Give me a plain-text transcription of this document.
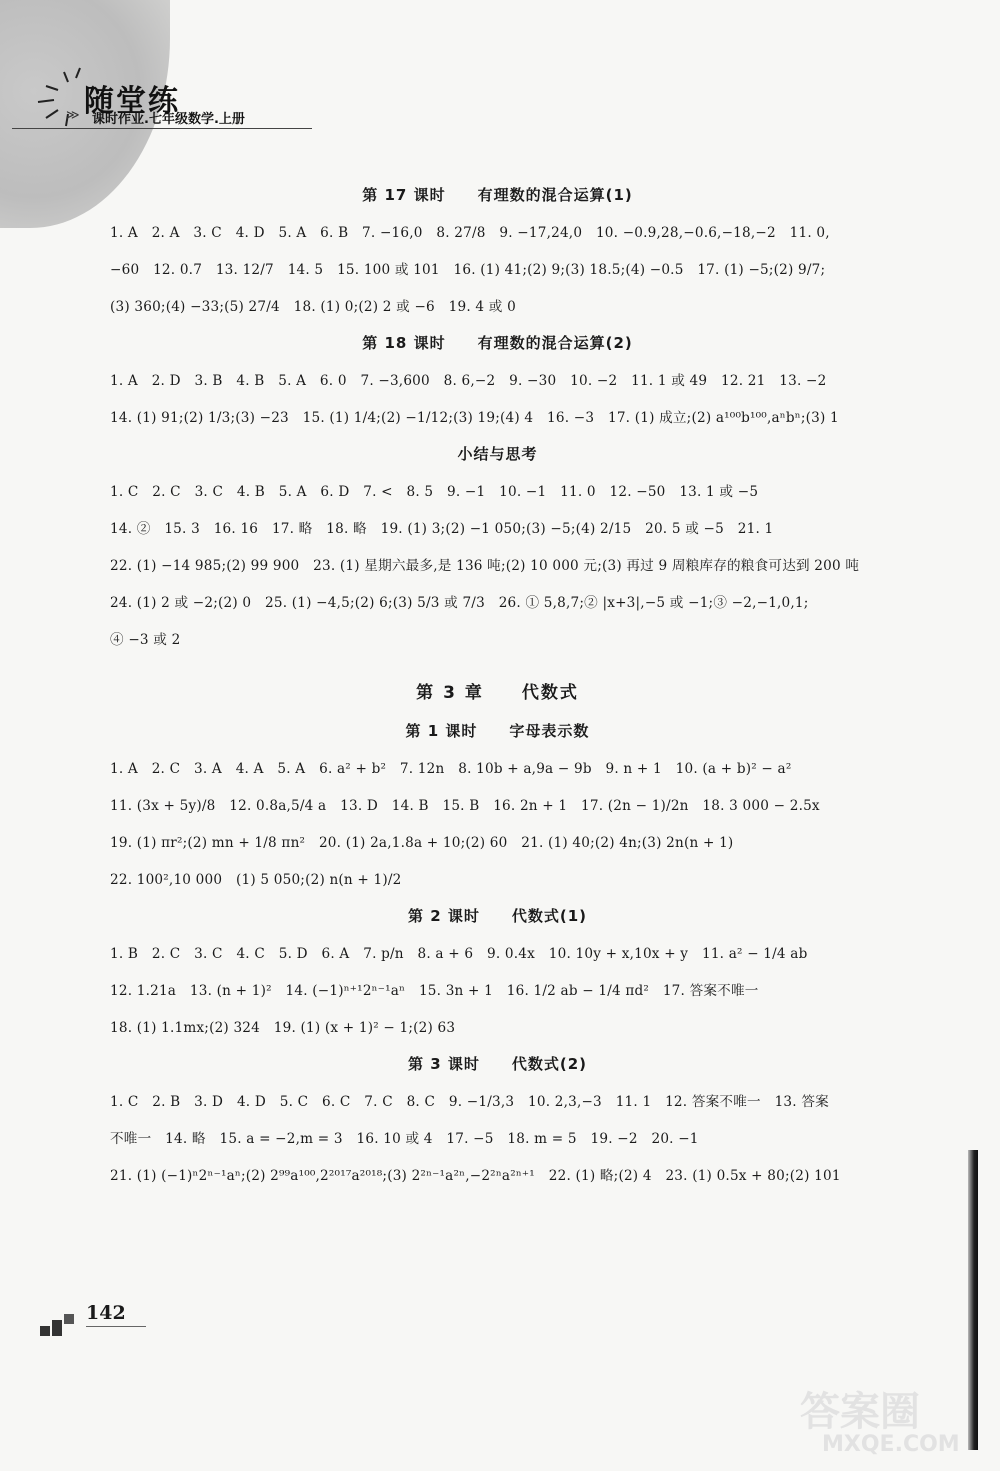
随堂练
≫ 课时作业.七年级数学.上册
第 17 课时　　有理数的混合运算(1)
1. A　2. A　3. C　4. D　5. A　6. B　7. −16,0　8. 27/8　9. −17,24,0　10. −0.9,28,−0.6,−18,−2　11. 0,
−60　12. 0.7　13. 12/7　14. 5　15. 100 或 101　16. (1) 41;(2) 9;(3) 18.5;(4) −0.5　17. (1) −5;(2) 9/7;
(3) 360;(4) −33;(5) 27/4　18. (1) 0;(2) 2 或 −6　19. 4 或 0
第 18 课时　　有理数的混合运算(2)
1. A　2. D　3. B　4. B　5. A　6. 0　7. −3,600　8. 6,−2　9. −30　10. −2　11. 1 或 49　12. 21　13. −2
14. (1) 91;(2) 1/3;(3) −23　15. (1) 1/4;(2) −1/12;(3) 19;(4) 4　16. −3　17. (1) 成立;(2) a¹⁰⁰b¹⁰⁰,aⁿbⁿ;(3) 1
小结与思考
1. C　2. C　3. C　4. B　5. A　6. D　7. <　8. 5　9. −1　10. −1　11. 0　12. −50　13. 1 或 −5
14. ②　15. 3　16. 16　17. 略　18. 略　19. (1) 3;(2) −1 050;(3) −5;(4) 2/15　20. 5 或 −5　21. 1
22. (1) −14 985;(2) 99 900　23. (1) 星期六最多,是 136 吨;(2) 10 000 元;(3) 再过 9 周粮库存的粮食可达到 200 吨
24. (1) 2 或 −2;(2) 0　25. (1) −4,5;(2) 6;(3) 5/3 或 7/3　26. ① 5,8,7;② |x+3|,−5 或 −1;③ −2,−1,0,1;
④ −3 或 2
第 3 章　　代数式
第 1 课时　　字母表示数
1. A　2. C　3. A　4. A　5. A　6. a² + b²　7. 12n　8. 10b + a,9a − 9b　9. n + 1　10. (a + b)² − a²
11. (3x + 5y)/8　12. 0.8a,5/4 a　13. D　14. B　15. B　16. 2n + 1　17. (2n − 1)/2n　18. 3 000 − 2.5x
19. (1) πr²;(2) mn + 1/8 πn²　20. (1) 2a,1.8a + 10;(2) 60　21. (1) 40;(2) 4n;(3) 2n(n + 1)
22. 100²,10 000　(1) 5 050;(2) n(n + 1)/2
第 2 课时　　代数式(1)
1. B　2. C　3. C　4. C　5. D　6. A　7. p/n　8. a + 6　9. 0.4x　10. 10y + x,10x + y　11. a² − 1/4 ab
12. 1.21a　13. (n + 1)²　14. (−1)ⁿ⁺¹2ⁿ⁻¹aⁿ　15. 3n + 1　16. 1/2 ab − 1/4 πd²　17. 答案不唯一
18. (1) 1.1mx;(2) 324　19. (1) (x + 1)² − 1;(2) 63
第 3 课时　　代数式(2)
1. C　2. B　3. D　4. D　5. C　6. C　7. C　8. C　9. −1/3,3　10. 2,3,−3　11. 1　12. 答案不唯一　13. 答案
不唯一　14. 略　15. a = −2,m = 3　16. 10 或 4　17. −5　18. m = 5　19. −2　20. −1
21. (1) (−1)ⁿ2ⁿ⁻¹aⁿ;(2) 2⁹⁹a¹⁰⁰,2²⁰¹⁷a²⁰¹⁸;(3) 2²ⁿ⁻¹a²ⁿ,−2²ⁿa²ⁿ⁺¹　22. (1) 略;(2) 4　23. (1) 0.5x + 80;(2) 101
142
答案圈
MXQE.COM
